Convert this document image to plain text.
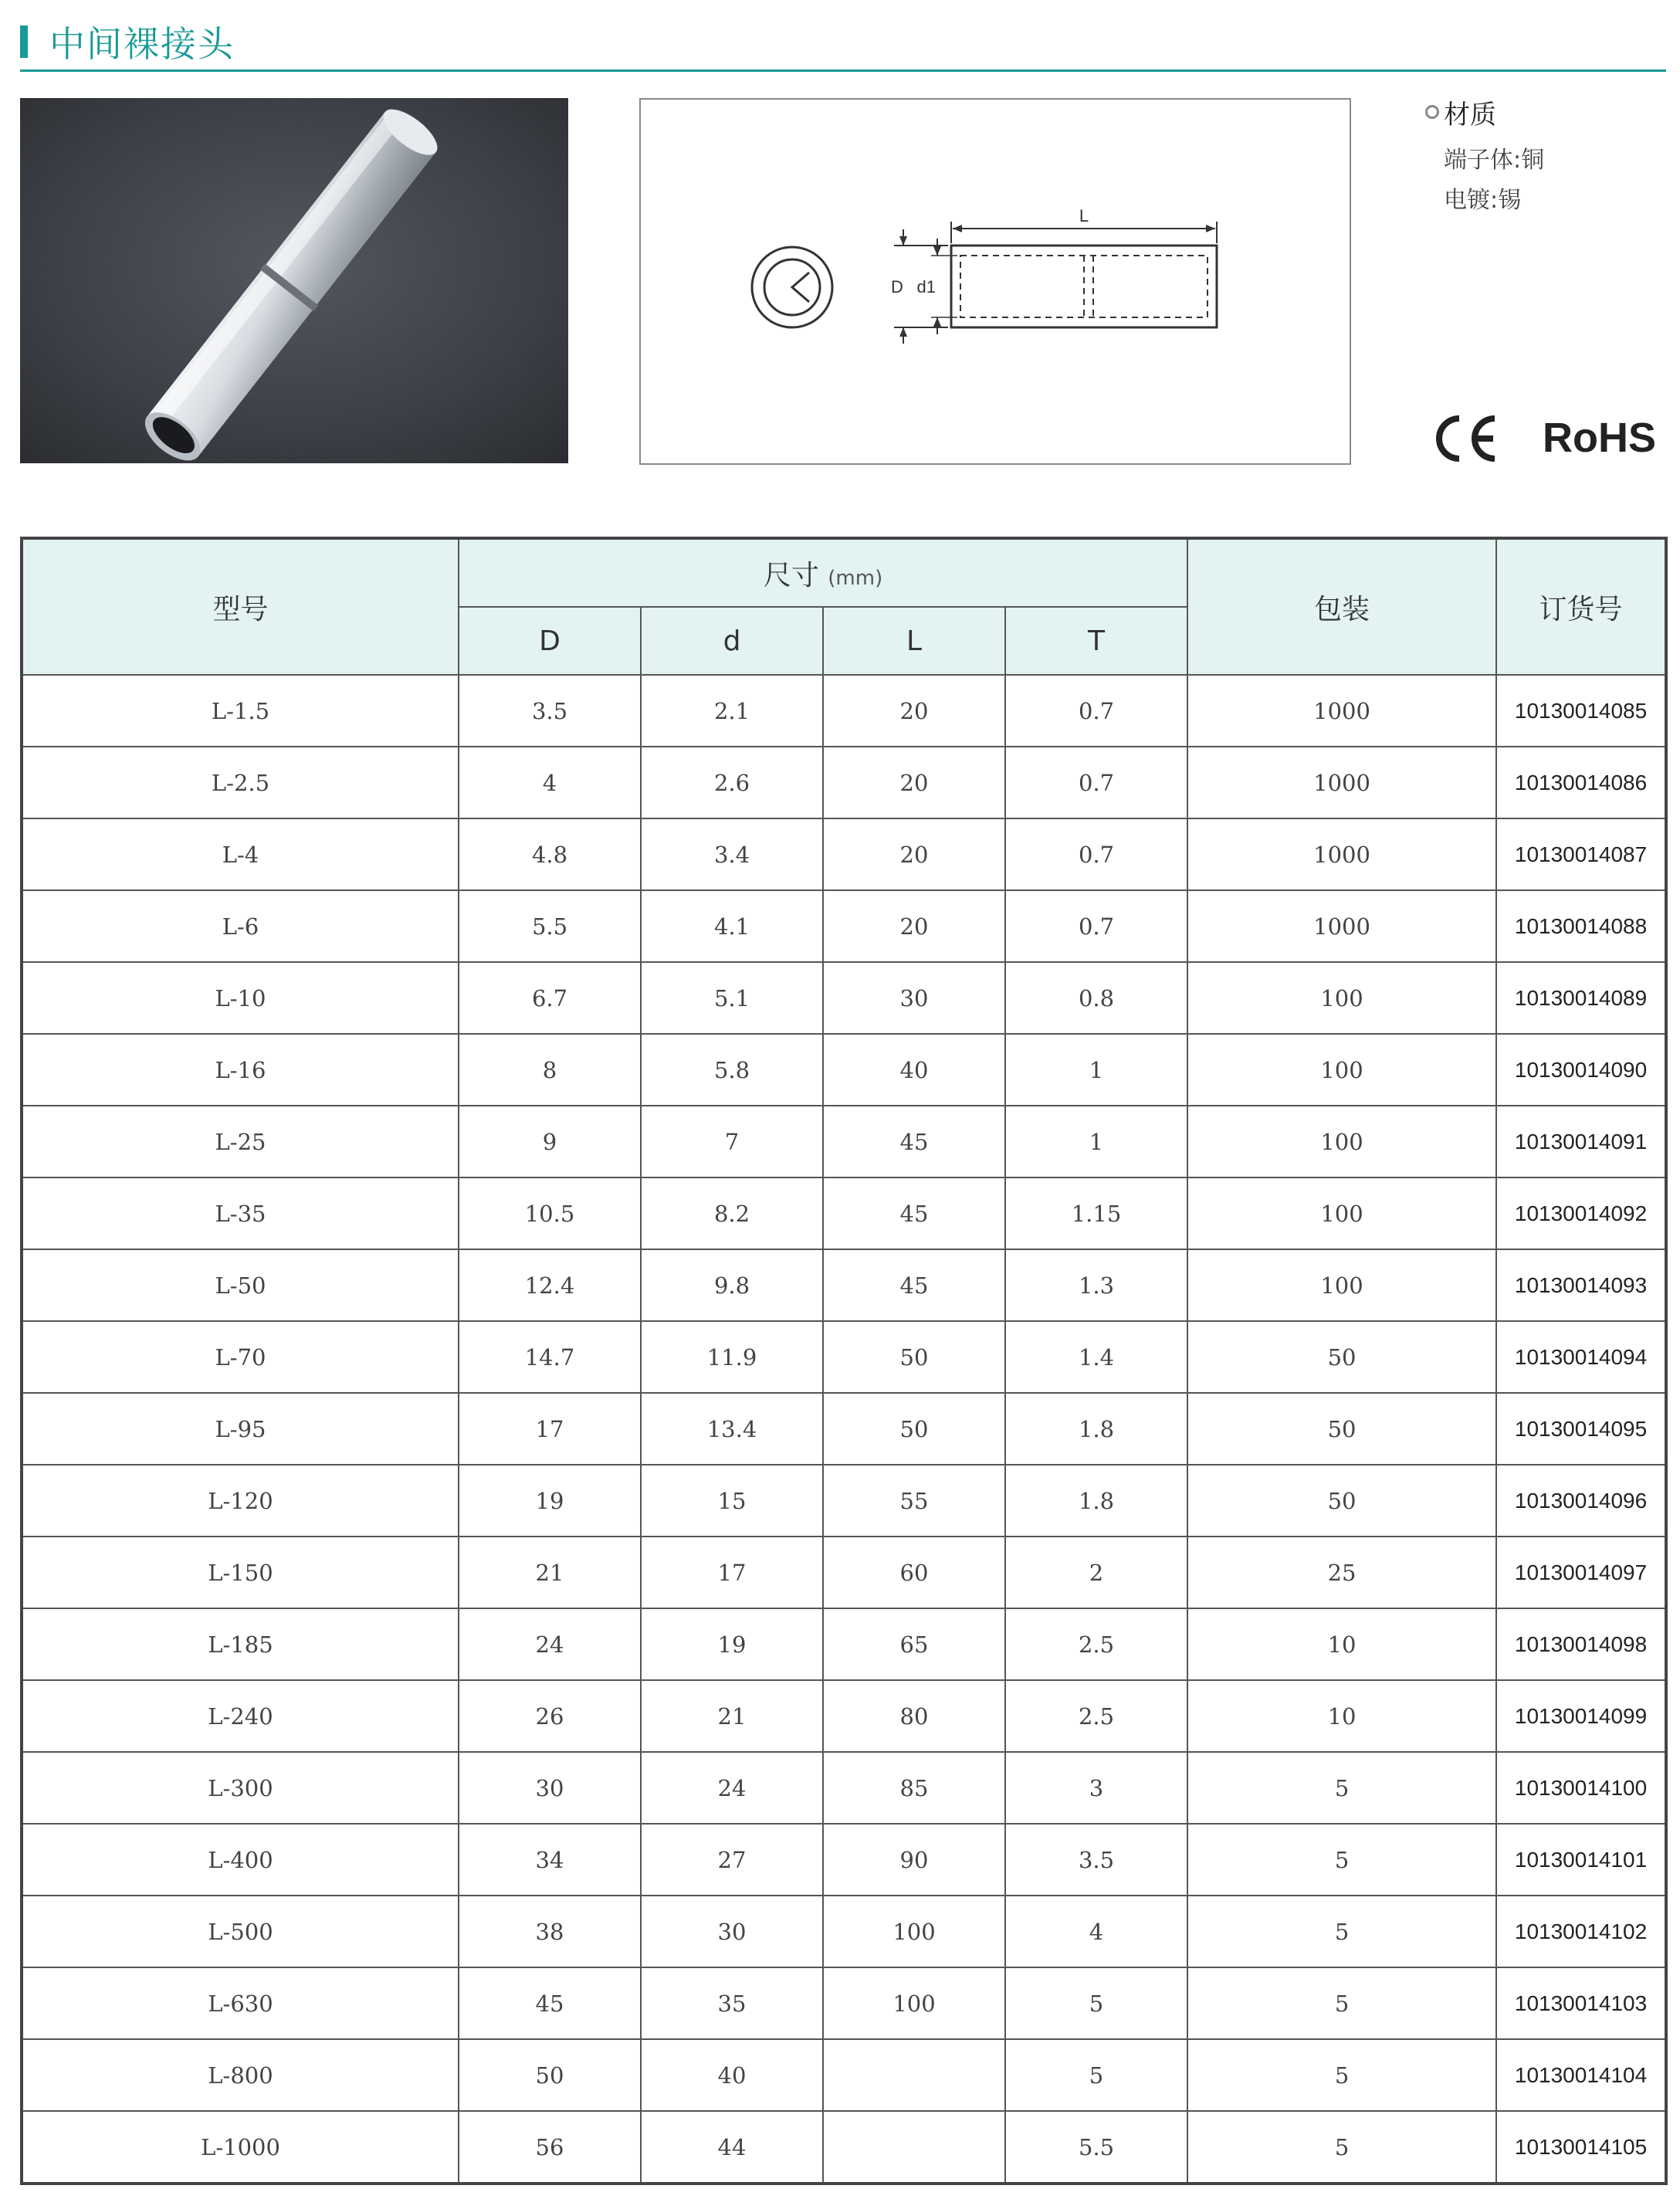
中间裸接头
L
D d1
材质
端子体:铜
电镀:锡
RoHS
型号	尺寸 (mm)				包装	订货号
	D	d	L	T		
L-1.5	3.5	2.1	20	0.7	1000	10130014085
L-2.5	4	2.6	20	0.7	1000	10130014086
L-4	4.8	3.4	20	0.7	1000	10130014087
L-6	5.5	4.1	20	0.7	1000	10130014088
L-10	6.7	5.1	30	0.8	100	10130014089
L-16	8	5.8	40	1	100	10130014090
L-25	9	7	45	1	100	10130014091
L-35	10.5	8.2	45	1.15	100	10130014092
L-50	12.4	9.8	45	1.3	100	10130014093
L-70	14.7	11.9	50	1.4	50	10130014094
L-95	17	13.4	50	1.8	50	10130014095
L-120	19	15	55	1.8	50	10130014096
L-150	21	17	60	2	25	10130014097
L-185	24	19	65	2.5	10	10130014098
L-240	26	21	80	2.5	10	10130014099
L-300	30	24	85	3	5	10130014100
L-400	34	27	90	3.5	5	10130014101
L-500	38	30	100	4	5	10130014102
L-630	45	35	100	5	5	10130014103
L-800	50	40		5	5	10130014104
L-1000	56	44		5.5	5	10130014105
